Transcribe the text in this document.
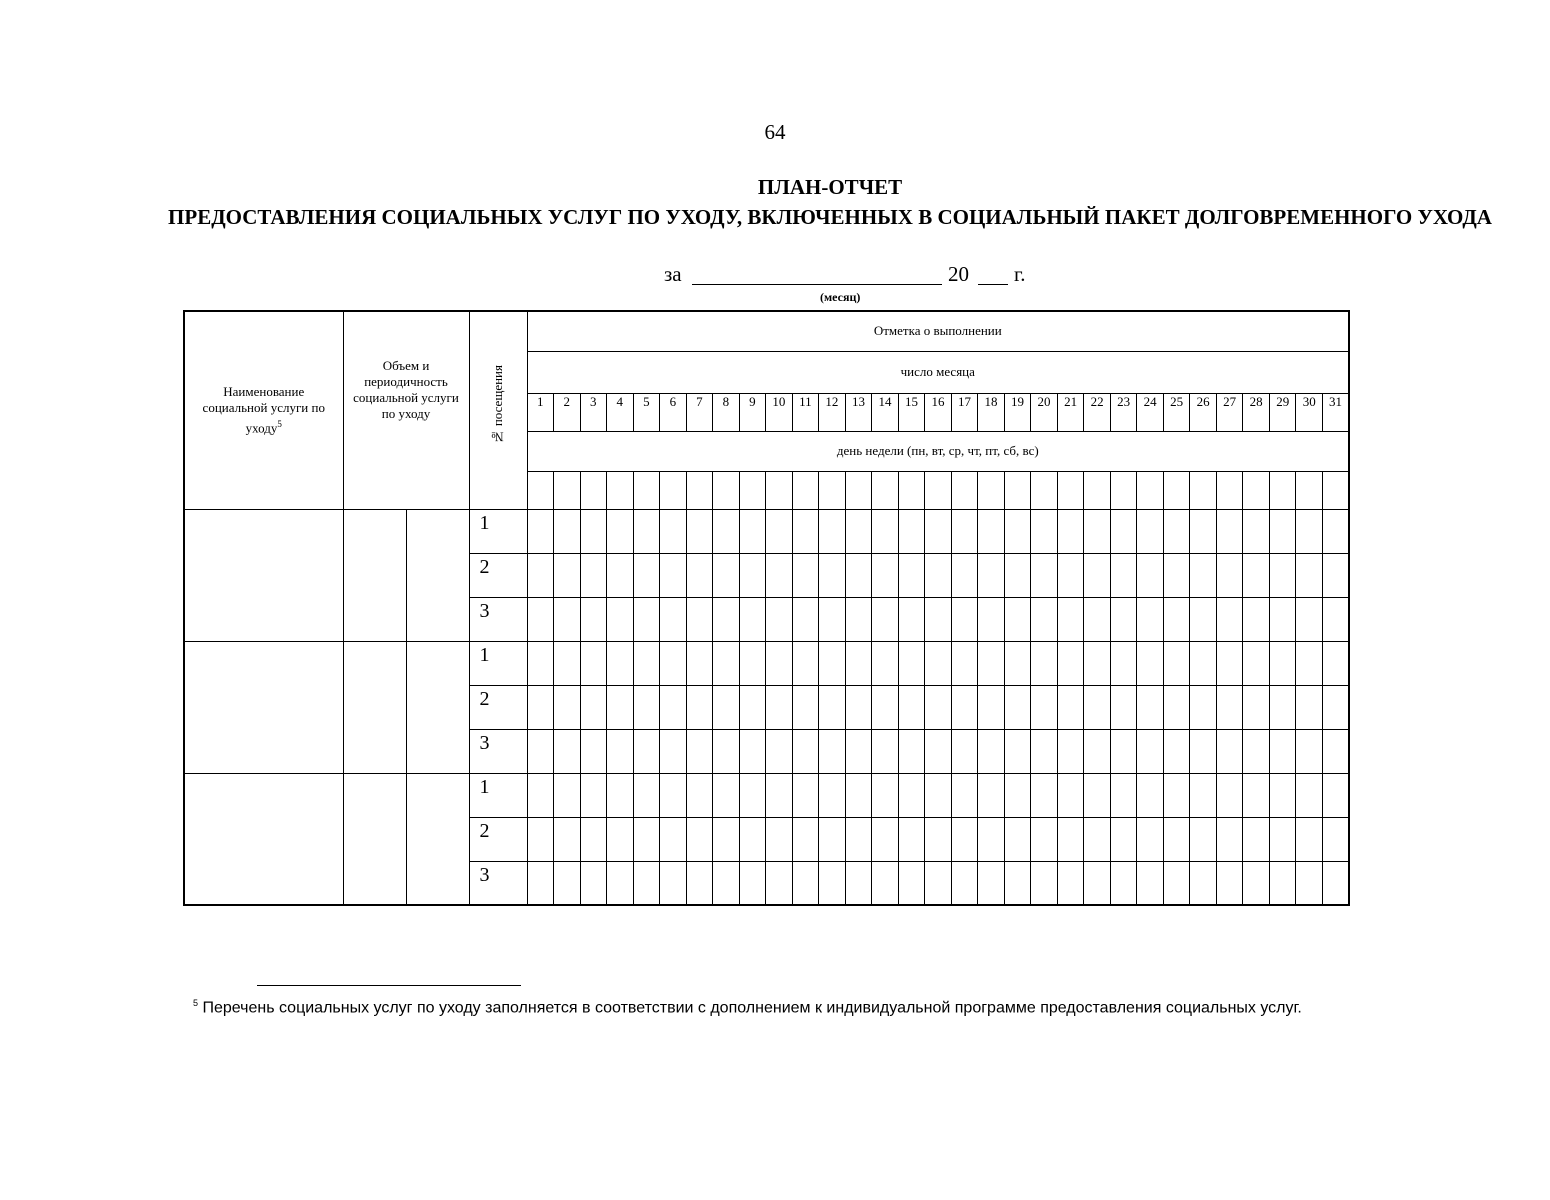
64
ПЛАН-ОТЧЕТ
ПРЕДОСТАВЛЕНИЯ СОЦИАЛЬНЫХ УСЛУГ ПО УХОДУ, ВКЛЮЧЕННЫХ В СОЦИАЛЬНЫЙ ПАКЕТ ДОЛГОВРЕМЕННОГО УХОДА
за	20 г.
(месяц)
Наименование социальной услуги по уходу$^5$	Объем и периодичность социальной услуги по уходу		№ посещения	Отметка о выполнении																														
				число месяца																														
				1	2	3	4	5	6	7	8	9	10	11	12	13	14	15	16	17	18	19	20	21	22	23	24	25	26	27	28	29	30	31
				день недели (пн, вт, ср, чт, пт, сб, вс)																														

			1																															
			2																															
			3																															
			1																															
			2																															
			3																															
			1																															
			2																															
			3																															
$^5$ Перечень социальных услуг по уходу заполняется в соответствии с дополнением к индивидуальной программе предоставления социальных услуг.
